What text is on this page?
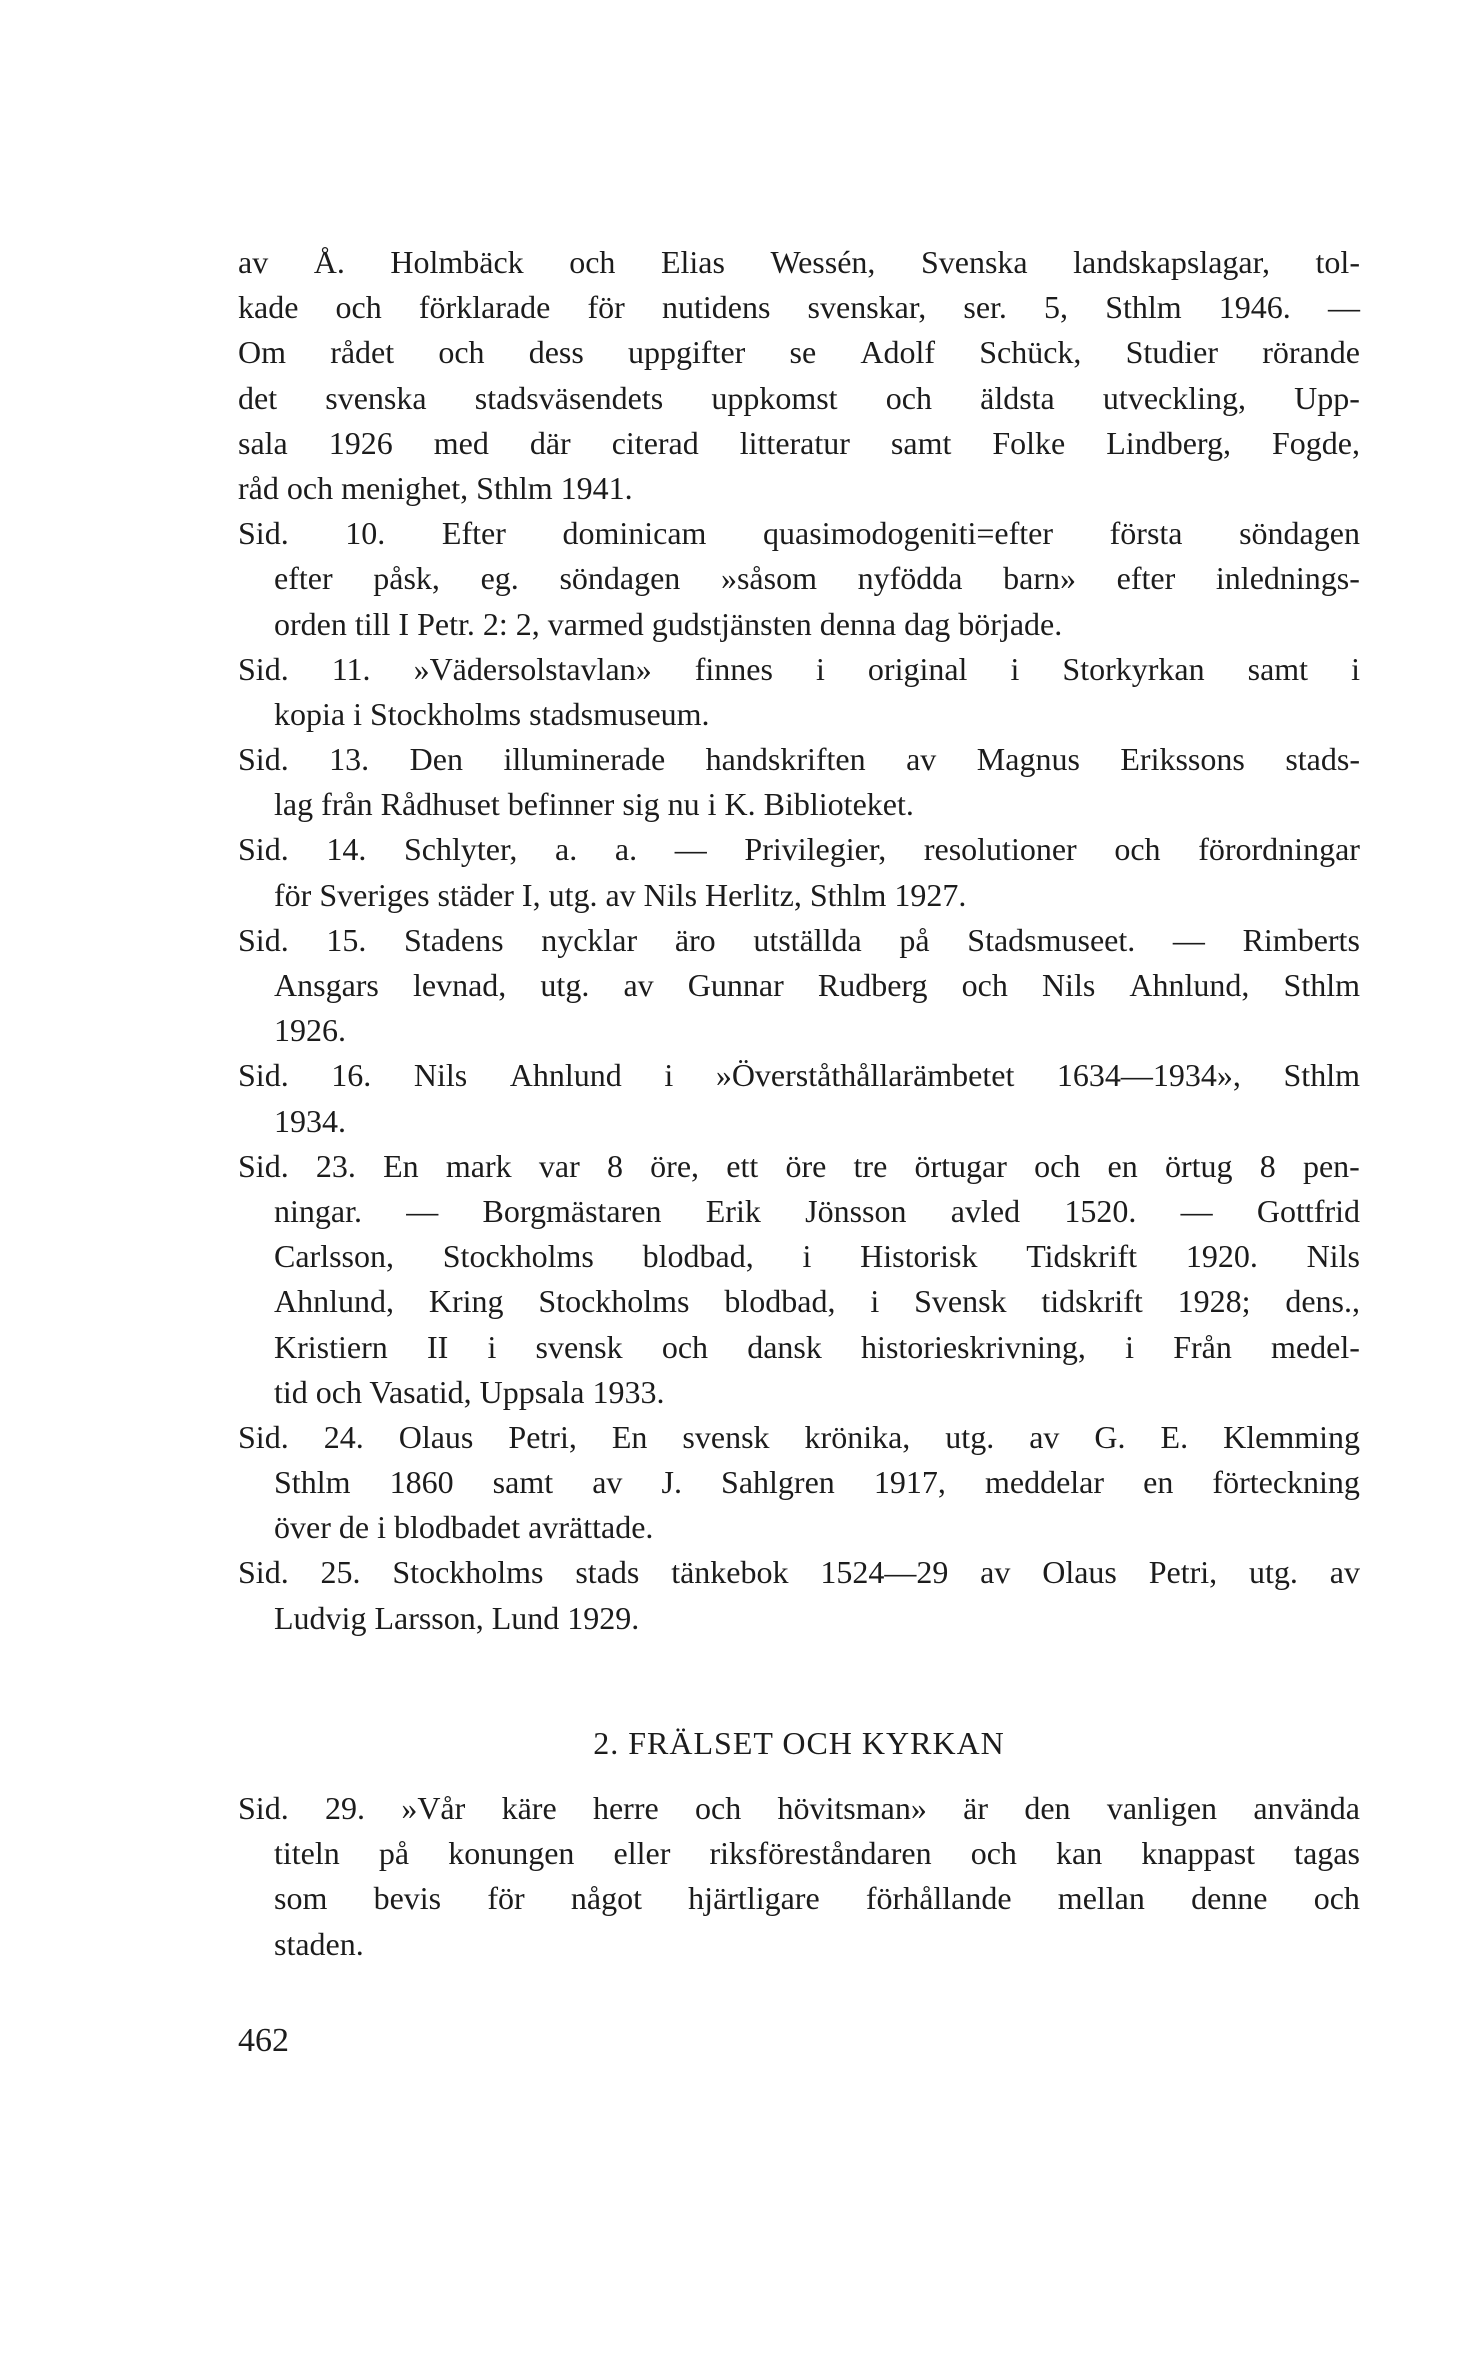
av Å. Holmbäck och Elias Wessén, Svenska landskapslagar, tol-
kade och förklarade för nutidens svenskar, ser. 5, Sthlm 1946. —
Om rådet och dess uppgifter se Adolf Schück, Studier rörande
det svenska stadsväsendets uppkomst och äldsta utveckling, Upp-
sala 1926 med där citerad litteratur samt Folke Lindberg, Fogde,
råd och menighet, Sthlm 1941.
Sid. 10. Efter dominicam quasimodogeniti=efter första söndagen
efter påsk, eg. söndagen »såsom nyfödda barn» efter inlednings-
orden till I Petr. 2: 2, varmed gudstjänsten denna dag började.
Sid. 11. »Vädersolstavlan» finnes i original i Storkyrkan samt i
kopia i Stockholms stadsmuseum.
Sid. 13. Den illuminerade handskriften av Magnus Erikssons stads-
lag från Rådhuset befinner sig nu i K. Biblioteket.
Sid. 14. Schlyter, a. a. — Privilegier, resolutioner och förordningar
för Sveriges städer I, utg. av Nils Herlitz, Sthlm 1927.
Sid. 15. Stadens nycklar äro utställda på Stadsmuseet. — Rimberts
Ansgars levnad, utg. av Gunnar Rudberg och Nils Ahnlund, Sthlm
1926.
Sid. 16. Nils Ahnlund i »Överståthållarämbetet 1634—1934», Sthlm
1934.
Sid. 23. En mark var 8 öre, ett öre tre örtugar och en örtug 8 pen-
ningar. — Borgmästaren Erik Jönsson avled 1520. — Gottfrid
Carlsson, Stockholms blodbad, i Historisk Tidskrift 1920. Nils
Ahnlund, Kring Stockholms blodbad, i Svensk tidskrift 1928; dens.,
Kristiern II i svensk och dansk historieskrivning, i Från medel-
tid och Vasatid, Uppsala 1933.
Sid. 24. Olaus Petri, En svensk krönika, utg. av G. E. Klemming
Sthlm 1860 samt av J. Sahlgren 1917, meddelar en förteckning
över de i blodbadet avrättade.
Sid. 25. Stockholms stads tänkebok 1524—29 av Olaus Petri, utg. av
Ludvig Larsson, Lund 1929.
2. FRÄLSET OCH KYRKAN
Sid. 29. »Vår käre herre och hövitsman» är den vanligen använda
titeln på konungen eller riksföreståndaren och kan knappast tagas
som bevis för något hjärtligare förhållande mellan denne och
staden.
462
